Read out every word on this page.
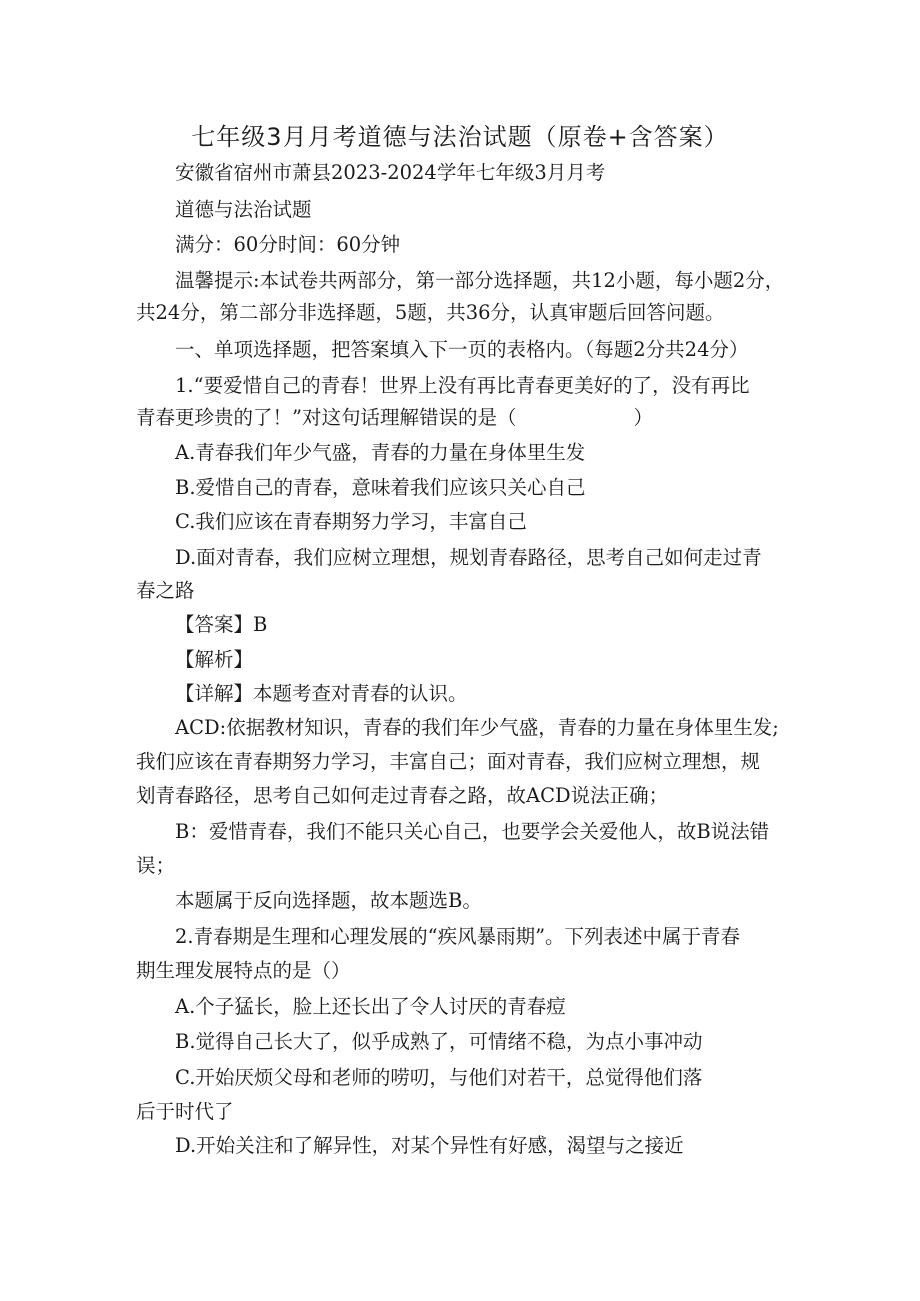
七年级3月月考道德与法治试题（原卷+含答案）
安徽省宿州市萧县2023-2024学年七年级3月月考
道德与法治试题
满分：60分时间：60分钟
温馨提示:本试卷共两部分，第一部分选择题，共12小题，每小题2分，
共24分，第二部分非选择题，5题，共36分，认真审题后回答问题。
一、单项选择题，把答案填入下一页的表格内。（每题2分共24分）
1.“要爱惜自己的青春！世界上没有再比青春更美好的了，没有再比
青春更珍贵的了！”对这句话理解错误的是（　　　　　　）
A.青春我们年少气盛，青春的力量在身体里生发
B.爱惜自己的青春，意味着我们应该只关心自己
C.我们应该在青春期努力学习，丰富自己
D.面对青春，我们应树立理想，规划青春路径，思考自己如何走过青
春之路
【答案】B
【解析】
【详解】本题考查对青春的认识。
ACD:依据教材知识，青春的我们年少气盛，青春的力量在身体里生发;
我们应该在青春期努力学习，丰富自己；面对青春，我们应树立理想，规
划青春路径，思考自己如何走过青春之路，故ACD说法正确；
B：爱惜青春，我们不能只关心自己，也要学会关爱他人，故B说法错
误；
本题属于反向选择题，故本题选B。
2.青春期是生理和心理发展的“疾风暴雨期”。下列表述中属于青春
期生理发展特点的是（）
A.个子猛长，脸上还长出了令人讨厌的青春痘
B.觉得自己长大了，似乎成熟了，可情绪不稳，为点小事冲动
C.开始厌烦父母和老师的唠叨，与他们对若干，总觉得他们落
后于时代了
D.开始关注和了解异性，对某个异性有好感，渴望与之接近
